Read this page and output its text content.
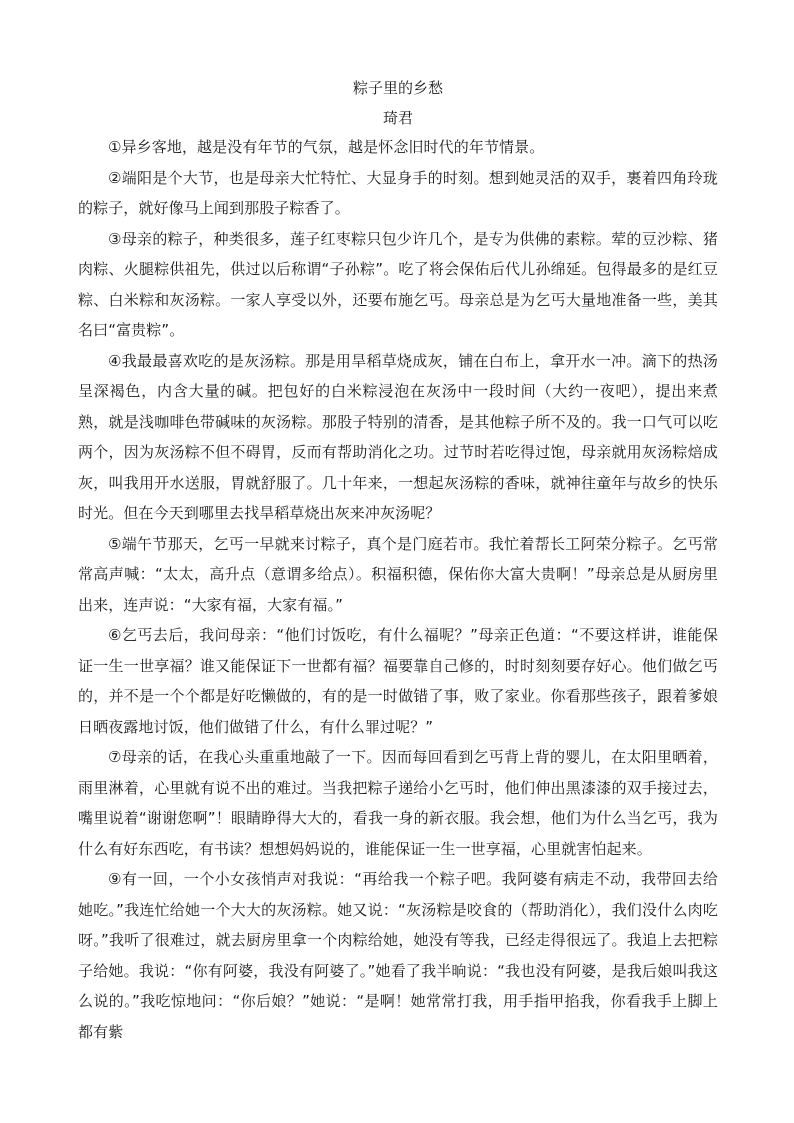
粽子里的乡愁

琦君

①异乡客地，越是没有年节的气氛，越是怀念旧时代的年节情景。

②端阳是个大节，也是母亲大忙特忙、大显身手的时刻。想到她灵活的双手，裹着四角玲珑的粽子，就好像马上闻到那股子粽香了。

③母亲的粽子，种类很多，莲子红枣粽只包少许几个，是专为供佛的素粽。荤的豆沙粽、猪肉粽、火腿粽供祖先，供过以后称谓“子孙粽”。吃了将会保佑后代儿孙绵延。包得最多的是红豆粽、白米粽和灰汤粽。一家人享受以外，还要布施乞丐。母亲总是为乞丐大量地准备一些，美其名曰“富贵粽”。

④我最最喜欢吃的是灰汤粽。那是用旱稻草烧成灰，铺在白布上，拿开水一冲。滴下的热汤呈深褐色，内含大量的碱。把包好的白米粽浸泡在灰汤中一段时间（大约一夜吧），提出来煮熟，就是浅咖啡色带碱味的灰汤粽。那股子特别的清香，是其他粽子所不及的。我一口气可以吃两个，因为灰汤粽不但不碍胃，反而有帮助消化之功。过节时若吃得过饱，母亲就用灰汤粽焙成灰，叫我用开水送服，胃就舒服了。几十年来，一想起灰汤粽的香味，就神往童年与故乡的快乐时光。但在今天到哪里去找旱稻草烧出灰来冲灰汤呢？

⑤端午节那天，乞丐一早就来讨粽子，真个是门庭若市。我忙着帮长工阿荣分粽子。乞丐常常高声喊：“太太，高升点（意谓多给点）。积福积德，保佑你大富大贵啊！”母亲总是从厨房里出来，连声说：“大家有福，大家有福。”

⑥乞丐去后，我问母亲：“他们讨饭吃，有什么福呢？”母亲正色道：“不要这样讲，谁能保证一生一世享福？谁又能保证下一世都有福？福要靠自己修的，时时刻刻要存好心。他们做乞丐的，并不是一个个都是好吃懒做的，有的是一时做错了事，败了家业。你看那些孩子，跟着爹娘日晒夜露地讨饭，他们做错了什么，有什么罪过呢？”

⑦母亲的话，在我心头重重地敲了一下。因而每回看到乞丐背上背的婴儿，在太阳里晒着，雨里淋着，心里就有说不出的难过。当我把粽子递给小乞丐时，他们伸出黑漆漆的双手接过去，嘴里说着“谢谢您啊”！眼睛睁得大大的，看我一身的新衣服。我会想，他们为什么当乞丐，我为什么有好东西吃，有书读？想想妈妈说的，谁能保证一生一世享福，心里就害怕起来。

⑨有一回，一个小女孩悄声对我说：“再给我一个粽子吧。我阿婆有病走不动，我带回去给她吃。”我连忙给她一个大大的灰汤粽。她又说：“灰汤粽是咬食的（帮助消化），我们没什么肉吃呀。”我听了很难过，就去厨房里拿一个肉粽给她，她没有等我，已经走得很远了。我追上去把粽子给她。我说：“你有阿婆，我没有阿婆了。”她看了我半晌说：“我也没有阿婆，是我后娘叫我这么说的。”我吃惊地问：“你后娘？”她说：“是啊！她常常打我，用手指甲掐我，你看我手上脚上都有紫
